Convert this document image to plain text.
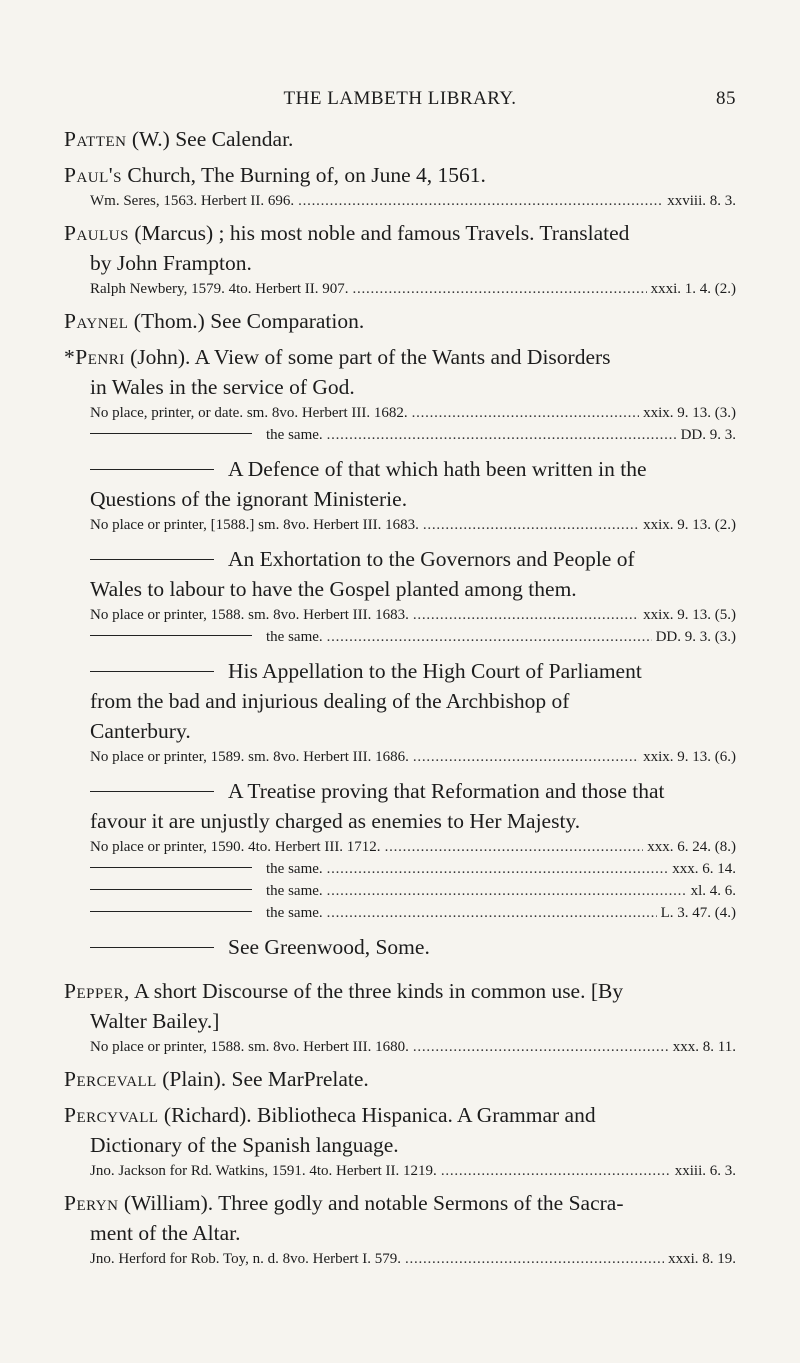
THE LAMBETH LIBRARY.	85
Patten (W.) See Calendar.
Paul's Church, The Burning of, on June 4, 1561.
Wm. Seres, 1563. Herbert II. 696. . . .	xxviii. 8. 3.
Paulus (Marcus) ; his most noble and famous Travels. Translated
by John Frampton.
Ralph Newbery, 1579. 4to. Herbert II. 907. . . .	xxxi. 1. 4. (2.)
Paynel (Thom.) See Comparation.
*Penri (John). A View of some part of the Wants and Disorders
in Wales in the service of God.
No place, printer, or date. sm. 8vo. Herbert III. 1682. . . .	xxix. 9. 13. (3.)
the same. . . .	DD. 9. 3.
A Defence of that which hath been written in the
Questions of the ignorant Ministerie.
No place or printer, [1588.] sm. 8vo. Herbert III. 1683. . . .	xxix. 9. 13. (2.)
An Exhortation to the Governors and People of
Wales to labour to have the Gospel planted among them.
No place or printer, 1588. sm. 8vo. Herbert III. 1683. . . .	xxix. 9. 13. (5.)
the same. . . .	DD. 9. 3. (3.)
His Appellation to the High Court of Parliament
from the bad and injurious dealing of the Archbishop of
Canterbury.
No place or printer, 1589. sm. 8vo. Herbert III. 1686. . . .	xxix. 9. 13. (6.)
A Treatise proving that Reformation and those that
favour it are unjustly charged as enemies to Her Majesty.
No place or printer, 1590. 4to. Herbert III. 1712. . . .	xxx. 6. 24. (8.)
the same. . . .	xxx. 6. 14.
the same. . . .	xl. 4. 6.
the same. . . .	L. 3. 47. (4.)
See Greenwood, Some.
Pepper, A short Discourse of the three kinds in common use. [By
Walter Bailey.]
No place or printer, 1588. sm. 8vo. Herbert III. 1680. . . .	xxx. 8. 11.
Percevall (Plain). See MarPrelate.
Percyvall (Richard). Bibliotheca Hispanica. A Grammar and
Dictionary of the Spanish language.
Jno. Jackson for Rd. Watkins, 1591. 4to. Herbert II. 1219. . . .	xxiii. 6. 3.
Peryn (William). Three godly and notable Sermons of the Sacra-
ment of the Altar.
Jno. Herford for Rob. Toy, n. d. 8vo. Herbert I. 579. . . .	xxxi. 8. 19.
